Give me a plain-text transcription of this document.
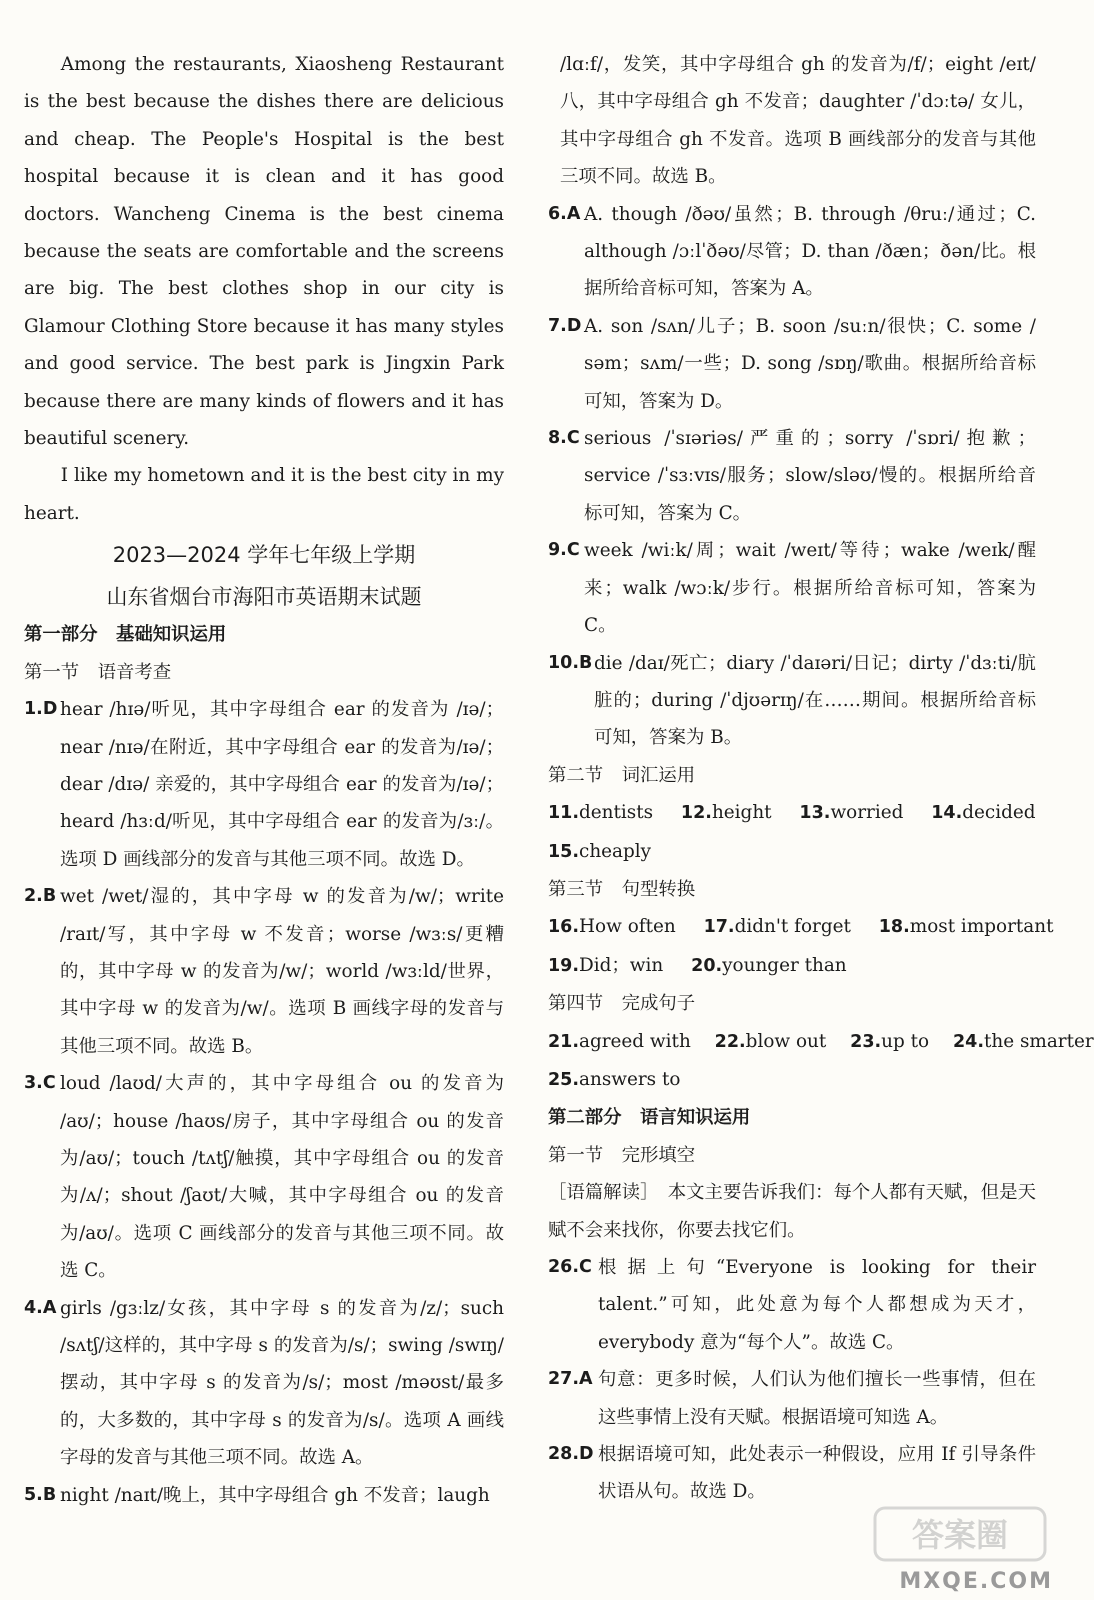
Among the restaurants, Xiaosheng Restaurant is the best because the dishes there are delicious and cheap. The People's Hospital is the best hospital because it is clean and it has good doctors. Wancheng Cinema is the best cinema because the seats are comfortable and the screens are big. The best clothes shop in our city is Glamour Clothing Store because it has many styles and good service. The best park is Jingxin Park because there are many kinds of flowers and it has beautiful scenery.

I like my hometown and it is the best city in my heart.

2023—2024 学年七年级上学期
山东省烟台市海阳市英语期末试题

第一部分　基础知识运用

第一节　语音考查

1.D hear /hɪə/听见，其中字母组合 ear 的发音为 /ɪə/；near /nɪə/在附近，其中字母组合 ear 的发音为/ɪə/；dear /dɪə/ 亲爱的，其中字母组合 ear 的发音为/ɪə/；heard /hɜːd/听见，其中字母组合 ear 的发音为/ɜː/。选项 D 画线部分的发音与其他三项不同。故选 D。
2.B wet /wet/湿的，其中字母 w 的发音为/w/；write /raɪt/写，其中字母 w 不发音；worse /wɜːs/更糟的，其中字母 w 的发音为/w/；world /wɜːld/世界，其中字母 w 的发音为/w/。选项 B 画线字母的发音与其他三项不同。故选 B。
3.C loud /laʊd/大声的，其中字母组合 ou 的发音为 /aʊ/；house /haʊs/房子，其中字母组合 ou 的发音为/aʊ/；touch /tʌtʃ/触摸，其中字母组合 ou 的发音为/ʌ/；shout /ʃaʊt/大喊，其中字母组合 ou 的发音为/aʊ/。选项 C 画线部分的发音与其他三项不同。故选 C。
4.A girls /gɜːlz/女孩，其中字母 s 的发音为/z/；such /sʌtʃ/这样的，其中字母 s 的发音为/s/；swing /swɪŋ/摆动，其中字母 s 的发音为/s/；most /məʊst/最多的，大多数的，其中字母 s 的发音为/s/。选项 A 画线字母的发音与其他三项不同。故选 A。
5.B night /naɪt/晚上，其中字母组合 gh 不发音；laugh

/lɑːf/，发笑，其中字母组合 gh 的发音为/f/；eight /eɪt/八，其中字母组合 gh 不发音；daughter /ˈdɔːtə/ 女儿，其中字母组合 gh 不发音。选项 B 画线部分的发音与其他三项不同。故选 B。

6.A A. though /ðəʊ/虽然；B. through /θruː/通过；C. although /ɔːlˈðəʊ/尽管；D. than /ðæn；ðən/比。根据所给音标可知，答案为 A。
7.D A. son /sʌn/儿子；B. soon /suːn/很快；C. some / səm；sʌm/一些；D. song /sɒŋ/歌曲。根据所给音标可知，答案为 D。
8.C serious /ˈsɪəriəs/严重的；sorry /ˈsɒri/抱歉；service /ˈsɜːvɪs/服务；slow/sləʊ/慢的。根据所给音标可知，答案为 C。
9.C week /wiːk/周；wait /weɪt/等待；wake /weɪk/醒来；walk /wɔːk/步行。根据所给音标可知，答案为 C。
10.B die /daɪ/死亡；diary /ˈdaɪəri/日记；dirty /ˈdɜːti/肮脏的；during /ˈdjʊərɪŋ/在……期间。根据所给音标可知，答案为 B。

第二节　词汇运用

11.dentists 12.height 13.worried 14.decided

15.cheaply

第三节　句型转换

16.How often 17.didn't forget 18.most important

19.Did；win 20.younger than

第四节　完成句子

21.agreed with 22.blow out 23.up to 24.the smarter

25.answers to

第二部分　语言知识运用

第一节　完形填空

［语篇解读］　 本文主要告诉我们：每个人都有天赋，但是天赋不会来找你，你要去找它们。

26.C 根据上句“Everyone is looking for their talent.”可知，此处意为每个人都想成为天才，everybody 意为“每个人”。故选 C。
27.A 句意：更多时候，人们认为他们擅长一些事情，但在这些事情上没有天赋。根据语境可知选 A。
28.D 根据语境可知，此处表示一种假设，应用 If 引导条件状语从句。故选 D。
答案圈
MXQE.COM
